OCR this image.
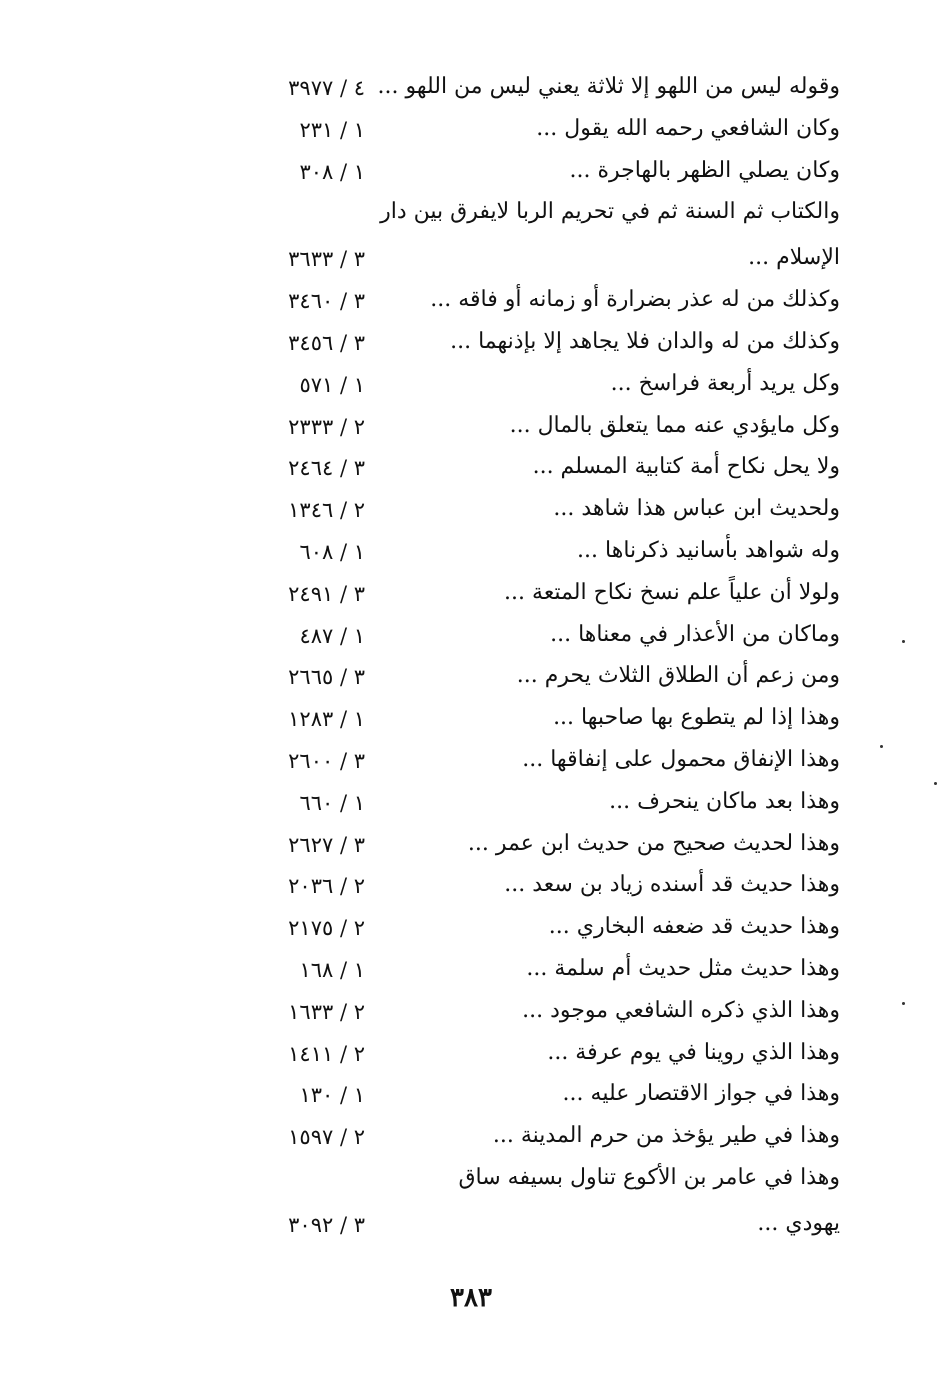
وقوله ليس من اللهو إلا ثلاثة يعني ليس من اللهو ...
٤ / ٣٩٧٧
وكان الشافعي رحمه الله يقول ...
١ / ٢٣١
وكان يصلي الظهر بالهاجرة ...
١ / ٣٠٨
والكتاب ثم السنة ثم في تحريم الربا لايفرق بين دار
الإسلام ...
٣ / ٣٦٣٣
وكذلك من له عذر بضرارة أو زمانه أو فاقه ...
٣ / ٣٤٦٠
وكذلك من له والدان فلا يجاهد إلا بإذنهما ...
٣ / ٣٤٥٦
وكل يريد أربعة فراسخ ...
١ / ٥٧١
وكل مايؤدي عنه مما يتعلق بالمال ...
٢ / ٢٣٣٣
ولا يحل نكاح أمة كتابية المسلم ...
٣ / ٢٤٦٤
ولحديث ابن عباس هذا شاهد ...
٢ / ١٣٤٦
وله شواهد بأسانيد ذكرناها ...
١ / ٦٠٨
ولولا أن علياً علم نسخ نكاح المتعة ...
٣ / ٢٤٩١
وماكان من الأعذار في معناها ...
١ / ٤٨٧
ومن زعم أن الطلاق الثلاث يحرم ...
٣ / ٢٦٦٥
وهذا إذا لم يتطوع بها صاحبها ...
١ / ١٢٨٣
وهذا الإنفاق محمول على إنفاقها ...
٣ / ٢٦٠٠
وهذا بعد ماكان ينحرف ...
١ / ٦٦٠
وهذا لحديث صحيح من حديث ابن عمر ...
٣ / ٢٦٢٧
وهذا حديث قد أسنده زياد بن سعد ...
٢ / ٢٠٣٦
وهذا حديث قد ضعفه البخاري ...
٢ / ٢١٧٥
وهذا حديث مثل حديث أم سلمة ...
١ / ١٦٨
وهذا الذي ذكره الشافعي موجود ...
٢ / ١٦٣٣
وهذا الذي روينا في يوم عرفة ...
٢ / ١٤١١
وهذا في جواز الاقتصار عليه ...
١ / ١٣٠
وهذا في طير يؤخذ من حرم المدينة ...
٢ / ١٥٩٧
وهذا في عامر بن الأكوع تناول بسيفه ساق
يهودي ...
٣ / ٣٠٩٢
٣٨٣
